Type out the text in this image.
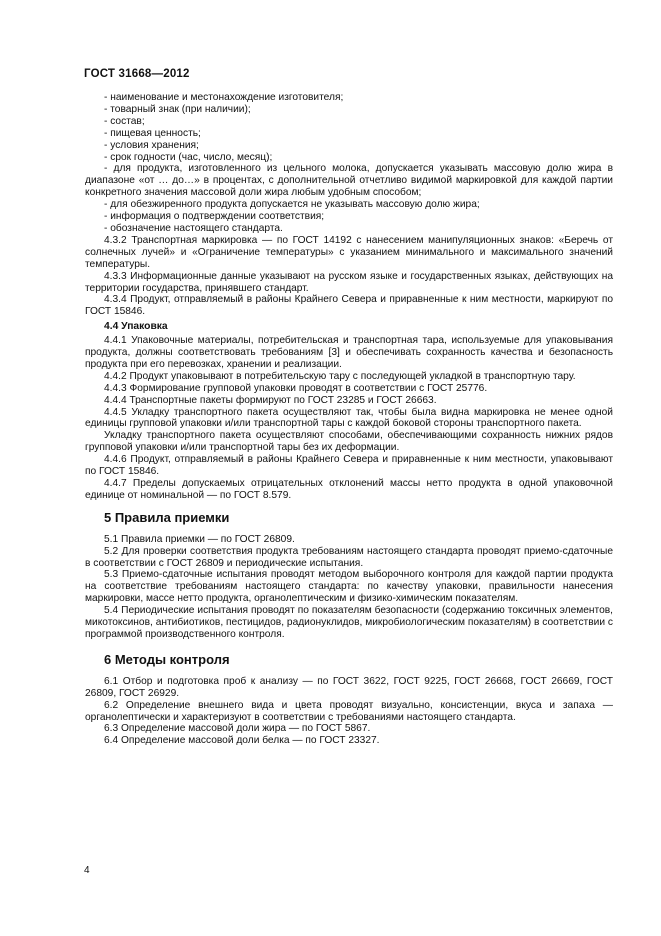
ГОСТ 31668—2012

- наименование и местонахождение изготовителя;

- товарный знак (при наличии);

- состав;

- пищевая ценность;

- условия хранения;

- срок годности (час, число, месяц);

- для продукта, изготовленного из цельного молока, допускается указывать массовую долю жира в диапазоне «от … до…» в процентах, с дополнительной отчетливо видимой маркировкой для каждой партии конкретного значения массовой доли жира любым удобным способом;

- для обезжиренного продукта допускается не указывать массовую долю жира;

- информация о подтверждении соответствия;

- обозначение настоящего стандарта.

4.3.2 Транспортная маркировка — по ГОСТ 14192 с нанесением манипуляционных знаков: «Беречь от солнечных лучей» и «Ограничение температуры» с указанием минимального и максимального значений температуры.

4.3.3 Информационные данные указывают на русском языке и государственных языках, действующих на территории государства, принявшего стандарт.

4.3.4 Продукт, отправляемый в районы Крайнего Севера и приравненные к ним местности, маркируют по ГОСТ 15846.

4.4 Упаковка

4.4.1 Упаковочные материалы, потребительская и транспортная тара, используемые для упаковывания продукта, должны соответствовать требованиям [3] и обеспечивать сохранность качества и безопасность продукта при его перевозках, хранении и реализации.

4.4.2 Продукт упаковывают в потребительскую тару с последующей укладкой в транспортную тару.

4.4.3 Формирование групповой упаковки проводят в соответствии с ГОСТ 25776.

4.4.4 Транспортные пакеты формируют по ГОСТ 23285 и ГОСТ 26663.

4.4.5 Укладку транспортного пакета осуществляют так, чтобы была видна маркировка не менее одной единицы групповой упаковки и/или транспортной тары с каждой боковой стороны транспортного пакета.

Укладку транспортного пакета осуществляют способами, обеспечивающими сохранность нижних рядов групповой упаковки и/или транспортной тары без их деформации.

4.4.6 Продукт, отправляемый в районы Крайнего Севера и приравненные к ним местности, упаковывают по ГОСТ 15846.

4.4.7 Пределы допускаемых отрицательных отклонений массы нетто продукта в одной упаковочной единице от номинальной — по ГОСТ 8.579.

5 Правила приемки

5.1 Правила приемки — по ГОСТ 26809.

5.2 Для проверки соответствия продукта требованиям настоящего стандарта проводят приемо-сдаточные в соответствии с ГОСТ 26809 и периодические испытания.

5.3 Приемо-сдаточные испытания проводят методом выборочного контроля для каждой партии продукта на соответствие требованиям настоящего стандарта: по качеству упаковки, правильности нанесения маркировки, массе нетто продукта, органолептическим и физико-химическим показателям.

5.4 Периодические испытания проводят по показателям безопасности (содержанию токсичных элементов, микотоксинов, антибиотиков, пестицидов, радионуклидов, микробиологическим показателям) в соответствии с программой производственного контроля.

6 Методы контроля

6.1 Отбор и подготовка проб к анализу — по ГОСТ 3622, ГОСТ 9225, ГОСТ 26668, ГОСТ 26669, ГОСТ 26809, ГОСТ 26929.

6.2 Определение внешнего вида и цвета проводят визуально, консистенции, вкуса и запаха — органолептически и характеризуют в соответствии с требованиями настоящего стандарта.

6.3 Определение массовой доли жира — по ГОСТ 5867.

6.4 Определение массовой доли белка — по ГОСТ 23327.

4
